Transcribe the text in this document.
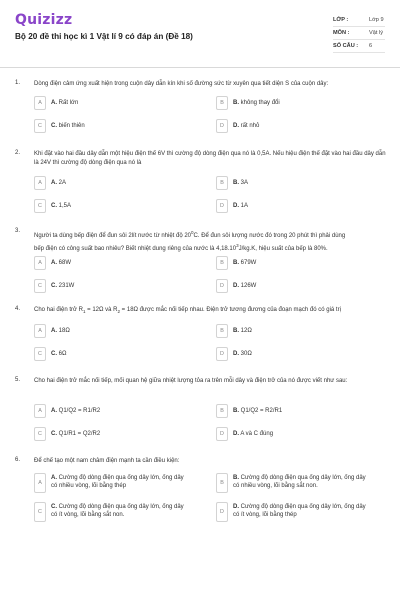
Quizizz
Bộ 20 đề thi học kì 1 Vật lí 9 có đáp án (Đề 18)
LỚP :	Lớp 9
MÔN :	Vật lý
SỐ CÂU : 6
1. Dòng điện cảm ứng xuất hiện trong cuộn dây dẫn kín khi số đường sức từ xuyên qua tiết diện S của cuộn dây:
A	A. Rất lớn	B	B. không thay đổi
C	C. biến thiên	D	D. rất nhỏ
2. Khi đặt vào hai đầu dây dẫn một hiệu điện thế 6V thì cường độ dòng điện qua nó là 0,5A. Nếu hiệu điện thế đặt vào hai đầu dây dẫn là 24V thì cường độ dòng điện qua nó là
A	A. 2A	B	B. 3A
C	C. 1,5A	D	D. 1A
3.
Người ta dùng bếp điện để đun sôi 2lít nước từ nhiệt độ $20^0C$. Để đun sôi lượng nước đó trong 20 phút thì phải dùng
bếp điện có công suất bao nhiêu? Biết nhiệt dung riêng của nước là 4,18.10$^3$J/kg.K, hiệu suất của bếp là 80%.
A	A. 68W	B	B. 679W
C	C. 231W	D	D. 126W
4. Cho hai điện trở $R_1 = 12\Omega$ và $R_2 = 18\Omega$ được mắc nối tiếp nhau. Điện trở tương đương của đoạn mạch đó có giá trị
A	A. 18Ω	B	B. 12Ω
C	C. 6Ω	D	D. 30Ω
5. Cho hai điện trở mắc nối tiếp, mối quan hệ giữa nhiệt lượng tỏa ra trên mỗi dây và điện trở của nó được viết như sau:
A	A. Q1/Q2 = R1/R2	B	B. Q1/Q2 = R2/R1
C	C. Q1/R1 = Q2/R2	D	D. A và C đúng
6. Để chế tạo một nam châm điện mạnh ta cần điều kiện:
A
A. Cường độ dòng điện qua ống dây lớn, ống dây có nhiều vòng, lõi bằng thép	B
B. Cường độ dòng điện qua ống dây lớn, ống dây có nhiều vòng, lõi bằng sắt non.
C
C. Cường độ dòng điện qua ống dây lớn, ống dây có ít vòng, lõi bằng sắt non.	D
D. Cường độ dòng điện qua ống dây lớn, ống dây có ít vòng, lõi bằng thép
